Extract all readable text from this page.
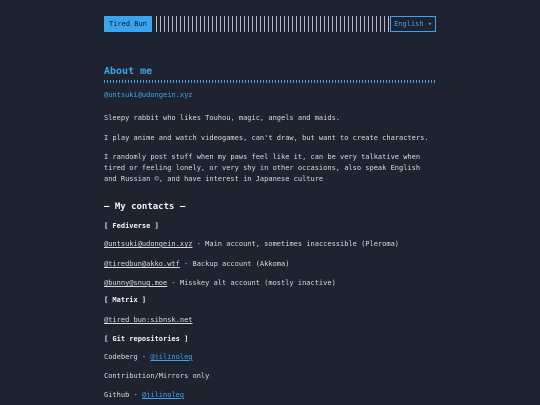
Tired Bun	English ▾
About me
@untsuki@udongein.xyz

Sleepy rabbit who likes Touhou, magic, angels and maids.

I play anime and watch videogames, can't draw, but want to create characters.

I randomly post stuff when my paws feel like it, can be very talkative when tired or feeling lonely, or very shy in other occasions, also speak English and Russian ©, and have interest in Japanese culture

— My contacts —
[ Fediverse ]
@untsuki@udongein.xyz - Main account, sometimes inaccessible (Pleroma)
@tiredbun@akko.wtf - Backup account (Akkoma)
@bunny@snug.moe - Misskey alt account (mostly inactive)
[ Matrix ]
@tired_bun:sibnsk.net
[ Git repositories ]
Codeberg - @jilinoleg
Contribution/Mirrors only
Github - @jilinoleg
